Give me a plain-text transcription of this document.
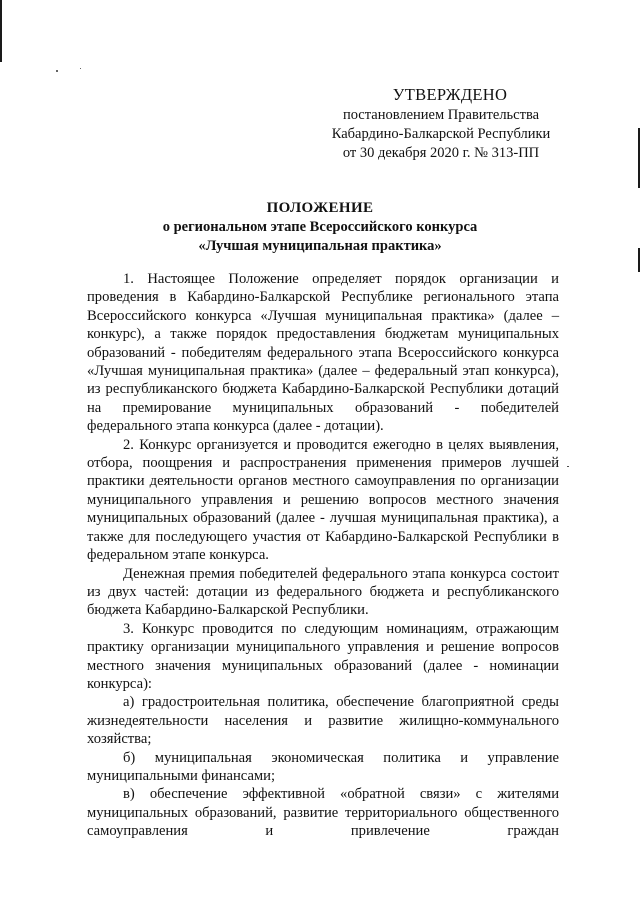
УТВЕРЖДЕНО
постановлением Правительства
Кабардино-Балкарской Республики
от 30 декабря 2020 г. № 313-ПП
ПОЛОЖЕНИЕ
о региональном этапе Всероссийского конкурса
«Лучшая муниципальная практика»

1. Настоящее Положение определяет порядок организации и проведения в Кабардино-Балкарской Республике регионального этапа Всероссийского конкурса «Лучшая муниципальная практика» (далее – конкурс), а также порядок предоставления бюджетам муниципальных образований - победителям федерального этапа Всероссийского конкурса «Лучшая муниципальная практика» (далее – федеральный этап конкурса), из республиканского бюджета Кабардино-Балкарской Республики дотаций на премирование муниципальных образований - победителей федерального этапа конкурса (далее - дотации).

2. Конкурс организуется и проводится ежегодно в целях выявления, отбора, поощрения и распространения применения примеров лучшей практики деятельности органов местного самоуправления по организации муниципального управления и решению вопросов местного значения муниципальных образований (далее - лучшая муниципальная практика), а также для последующего участия от Кабардино-Балкарской Республики в федеральном этапе конкурса.

Денежная премия победителей федерального этапа конкурса состоит из двух частей: дотации из федерального бюджета и республиканского бюджета Кабардино-Балкарской Республики.

3. Конкурс проводится по следующим номинациям, отражающим практику организации муниципального управления и решение вопросов местного значения муниципальных образований (далее - номинации конкурса):

а) градостроительная политика, обеспечение благоприятной среды жизнедеятельности населения и развитие жилищно-коммунального хозяйства;

б) муниципальная экономическая политика и управление муниципальными финансами;

в) обеспечение эффективной «обратной связи» с жителями муниципальных образований, развитие территориального общественного самоуправления и привлечение граждан
